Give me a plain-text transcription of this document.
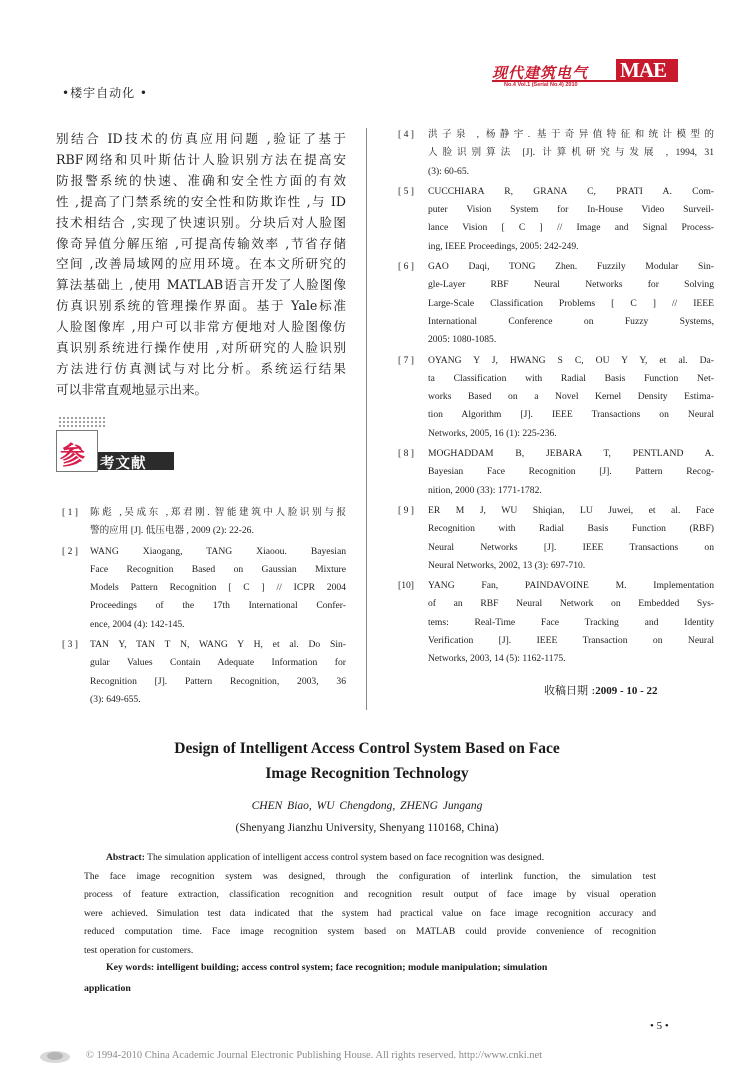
•楼宇自动化 •
现代建筑电气 MAE
No.4 Vol.1 (Serial No.4) 2010
别结合 ID技术的仿真应用问题 ,验证了基于
RBF网络和贝叶斯估计人脸识别方法在提高安
防报警系统的快速、准确和安全性方面的有效
性 ,提高了门禁系统的安全性和防欺诈性 ,与 ID
技术相结合 ,实现了快速识别。分块后对人脸图
像奇异值分解压缩 ,可提高传输效率 ,节省存储
空间 ,改善局域网的应用环境。在本文所研究的
算法基础上 ,使用 MATLAB语言开发了人脸图像
仿真识别系统的管理操作界面。基于 Yale标准
人脸图像库 ,用户可以非常方便地对人脸图像仿
真识别系统进行操作使用 ,对所研究的人脸识别
方法进行仿真测试与对比分析。系统运行结果
可以非常直观地显示出来。
参 考文献
[ 1 ] 陈彪 ,吴成东 ,郑君刚. 智能建筑中人脸识别与报
警的应用 [J]. 低压电器 , 2009 (2): 22-26.
[ 2 ] WANG Xiaogang, TANG Xiaoou. Bayesian
Face Recognition Based on Gaussian Mixture
Models Pattern Recognition [ C ] // ICPR 2004
Proceedings of the 17th International Confer-
ence, 2004 (4): 142-145.
[ 3 ] TAN Y, TAN T N, WANG Y H, et al. Do Sin-
gular Values Contain Adequate Information for
Recognition [J]. Pattern Recognition, 2003, 36
(3): 649-655.
[ 4 ] 洪子泉 , 杨静宇. 基于奇异值特征和统计模型的
人脸识别算法 [J]. 计算机研究与发展 , 1994, 31
(3): 60-65.
[ 5 ] CUCCHIARA R, GRANA C, PRATI A. Com-
puter Vision System for In-House Video Surveil-
lance Vision [ C ] // Image and Signal Process-
ing, IEEE Proceedings, 2005: 242-249.
[ 6 ] GAO Daqi, TONG Zhen. Fuzzily Modular Sin-
gle-Layer RBF Neural Networks for Solving
Large-Scale Classification Problems [ C ] // IEEE
International Conference on Fuzzy Systems,
2005: 1080-1085.
[ 7 ] OYANG Y J, HWANG S C, OU Y Y, et al. Da-
ta Classification with Radial Basis Function Net-
works Based on a Novel Kernel Density Estima-
tion Algorithm [J]. IEEE Transactions on Neural
Networks, 2005, 16 (1): 225-236.
[ 8 ] MOGHADDAM B, JEBARA T, PENTLAND A.
Bayesian Face Recognition [J]. Pattern Recog-
nition, 2000 (33): 1771-1782.
[ 9 ] ER M J, WU Shiqian, LU Juwei, et al. Face
Recognition with Radial Basis Function (RBF)
Neural Networks [J]. IEEE Transactions on
Neural Networks, 2002, 13 (3): 697-710.
[10] YANG Fan, PAINDAVOINE M. Implementation
of an RBF Neural Network on Embedded Sys-
tems: Real-Time Face Tracking and Identity
Verification [J]. IEEE Transaction on Neural
Networks, 2003, 14 (5): 1162-1175.
收稿日期 :2009 - 10 - 22
Design of Intelligent Access Control System Based on Face
Image Recognition Technology
CHEN Biao, WU Chengdong, ZHENG Jungang
(Shenyang Jianzhu University, Shenyang 110168, China)
Abstract: The simulation application of intelligent access control system based on face recognition was designed.
The face image recognition system was designed, through the configuration of interlink function, the simulation test
process of feature extraction, classification recognition and recognition result output of face image by visual operation
were achieved. Simulation test data indicated that the system had practical value on face image recognition accuracy and
reduced computation time. Face image recognition system based on MATLAB could provide convenience of recognition
test operation for customers.
Key words: intelligent building; access control system; face recognition; module manipulation; simulation
application
• 5 •
© 1994-2010 China Academic Journal Electronic Publishing House. All rights reserved. http://www.cnki.net
